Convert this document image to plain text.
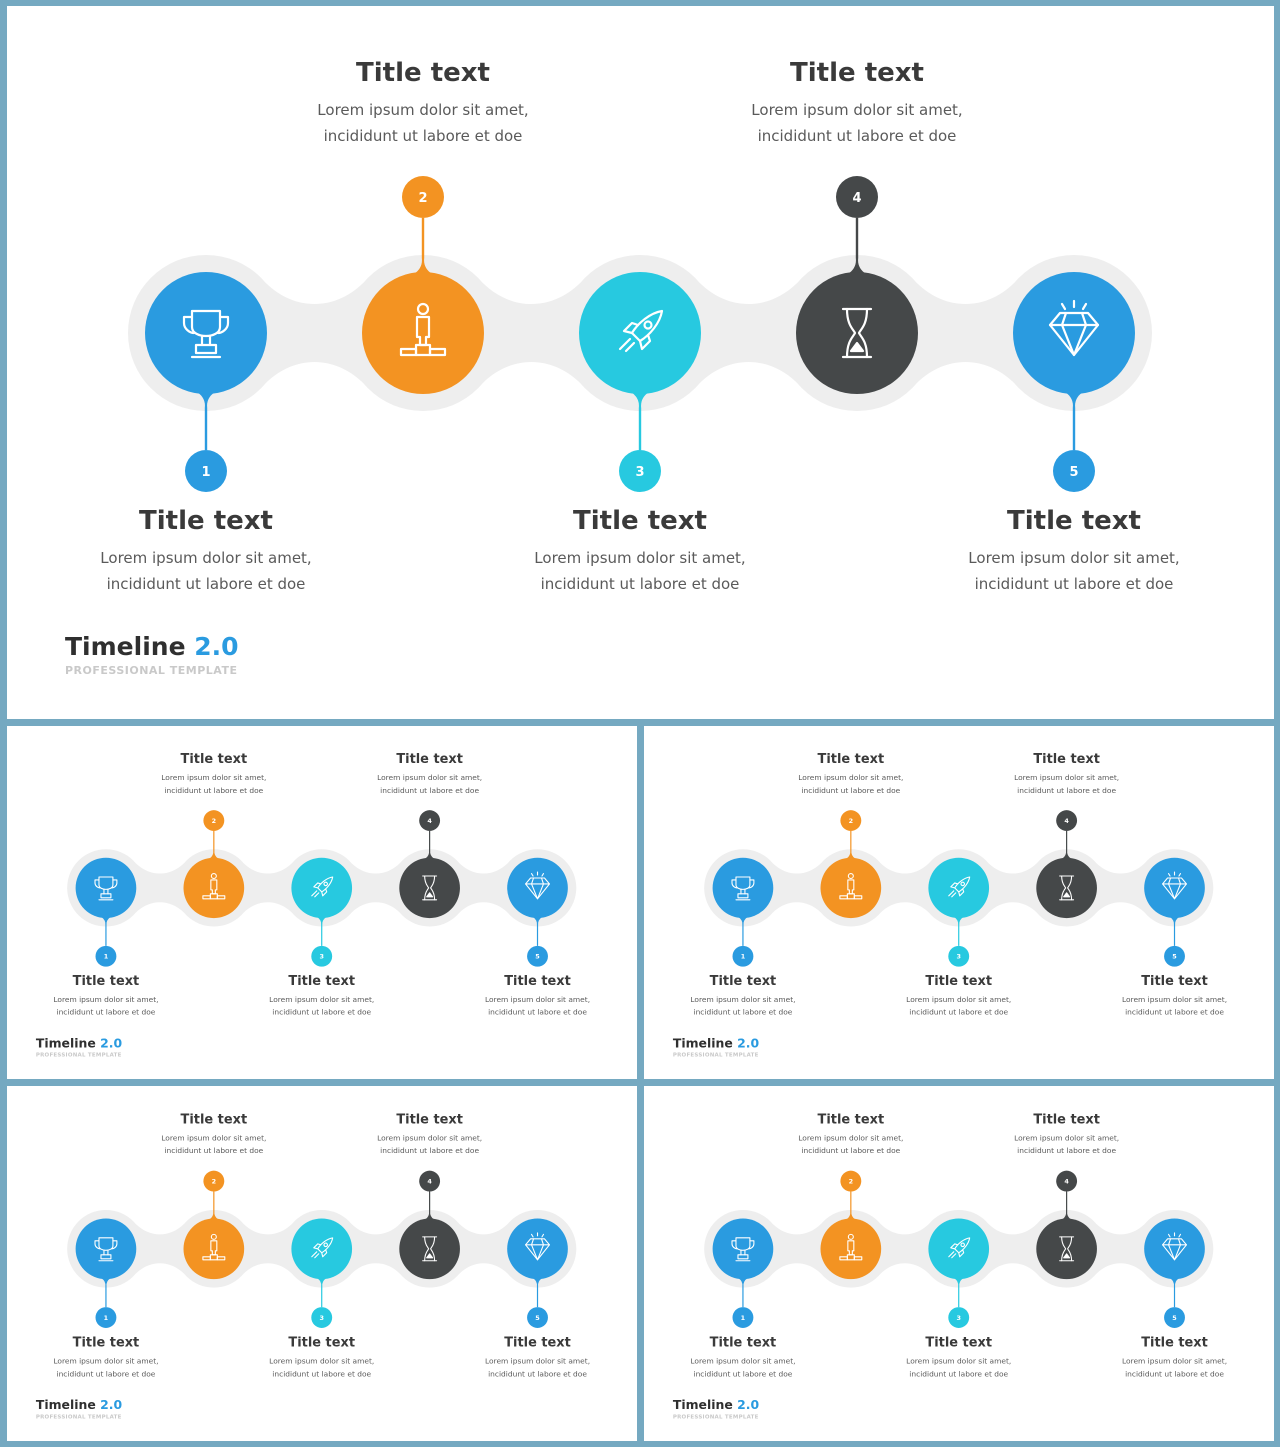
1
2
3
4
5
Title text
Lorem ipsum dolor sit amet,
incididunt ut labore et doe
Title text
Lorem ipsum dolor sit amet,
incididunt ut labore et doe
Title text
Lorem ipsum dolor sit amet,
incididunt ut labore et doe
Title text
Lorem ipsum dolor sit amet,
incididunt ut labore et doe
Title text
Lorem ipsum dolor sit amet,
incididunt ut labore et doe
Timeline 2.0
PROFESSIONAL TEMPLATE
1
2
3
4
5
Title text
Lorem ipsum dolor sit amet,
incididunt ut labore et doe
Title text
Lorem ipsum dolor sit amet,
incididunt ut labore et doe
Title text
Lorem ipsum dolor sit amet,
incididunt ut labore et doe
Title text
Lorem ipsum dolor sit amet,
incididunt ut labore et doe
Title text
Lorem ipsum dolor sit amet,
incididunt ut labore et doe
Timeline 2.0
PROFESSIONAL TEMPLATE
1
2
3
4
5
Title text
Lorem ipsum dolor sit amet,
incididunt ut labore et doe
Title text
Lorem ipsum dolor sit amet,
incididunt ut labore et doe
Title text
Lorem ipsum dolor sit amet,
incididunt ut labore et doe
Title text
Lorem ipsum dolor sit amet,
incididunt ut labore et doe
Title text
Lorem ipsum dolor sit amet,
incididunt ut labore et doe
Timeline 2.0
PROFESSIONAL TEMPLATE
1
2
3
4
5
Title text
Lorem ipsum dolor sit amet,
incididunt ut labore et doe
Title text
Lorem ipsum dolor sit amet,
incididunt ut labore et doe
Title text
Lorem ipsum dolor sit amet,
incididunt ut labore et doe
Title text
Lorem ipsum dolor sit amet,
incididunt ut labore et doe
Title text
Lorem ipsum dolor sit amet,
incididunt ut labore et doe
Timeline 2.0
PROFESSIONAL TEMPLATE
1
2
3
4
5
Title text
Lorem ipsum dolor sit amet,
incididunt ut labore et doe
Title text
Lorem ipsum dolor sit amet,
incididunt ut labore et doe
Title text
Lorem ipsum dolor sit amet,
incididunt ut labore et doe
Title text
Lorem ipsum dolor sit amet,
incididunt ut labore et doe
Title text
Lorem ipsum dolor sit amet,
incididunt ut labore et doe
Timeline 2.0
PROFESSIONAL TEMPLATE
